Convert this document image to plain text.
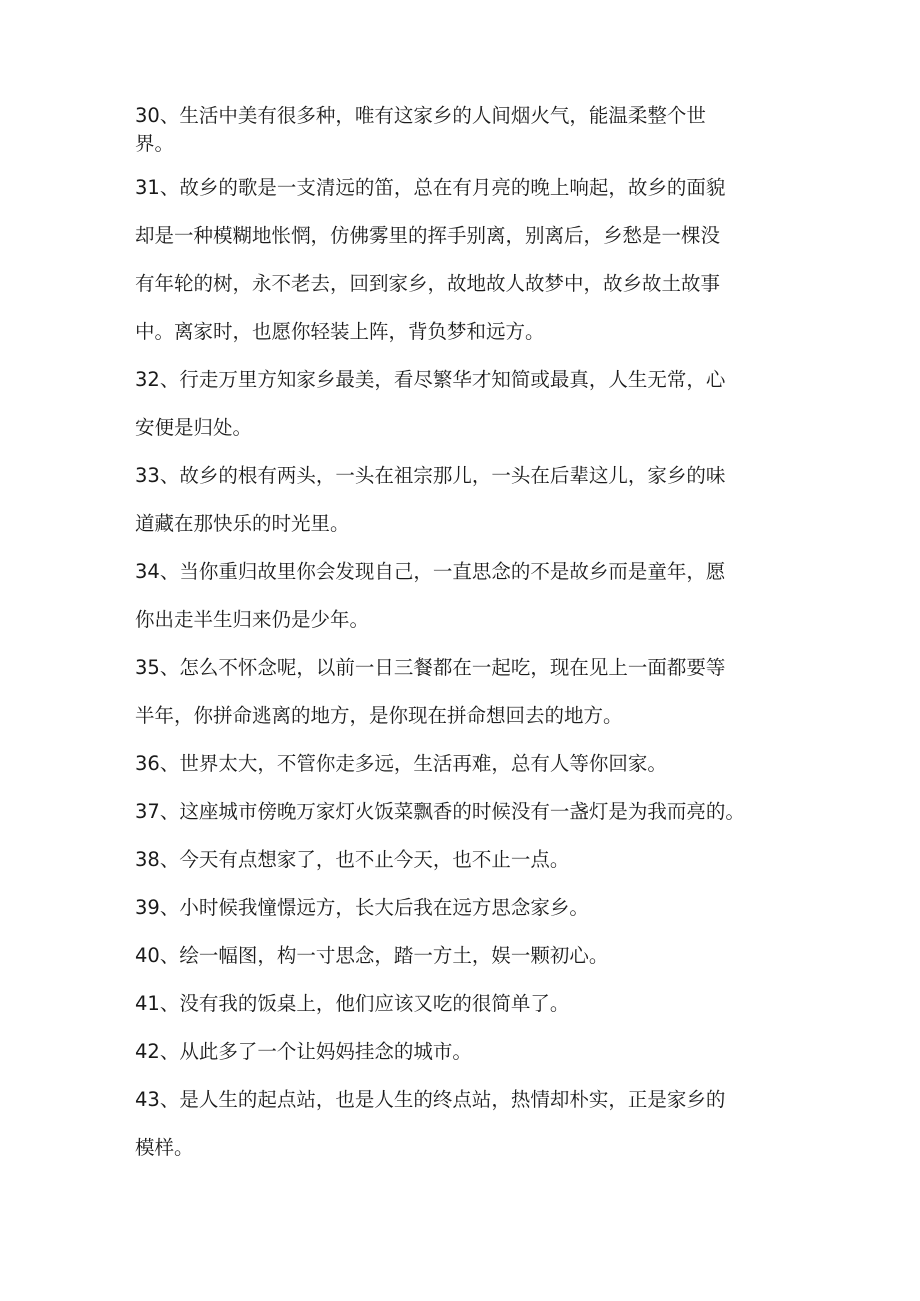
30、生活中美有很多种，唯有这家乡的人间烟火气，能温柔整个世
界。

31、故乡的歌是一支清远的笛，总在有月亮的晚上响起，故乡的面貌
却是一种模糊地怅惘，仿佛雾里的挥手别离，别离后，乡愁是一棵没
有年轮的树，永不老去，回到家乡，故地故人故梦中，故乡故土故事
中。离家时，也愿你轻装上阵，背负梦和远方。

32、行走万里方知家乡最美，看尽繁华才知简或最真，人生无常，心
安便是归处。

33、故乡的根有两头，一头在祖宗那儿，一头在后辈这儿，家乡的味
道藏在那快乐的时光里。

34、当你重归故里你会发现自己，一直思念的不是故乡而是童年，愿
你出走半生归来仍是少年。

35、怎么不怀念呢，以前一日三餐都在一起吃，现在见上一面都要等
半年，你拼命逃离的地方，是你现在拼命想回去的地方。

36、世界太大，不管你走多远，生活再难，总有人等你回家。

37、这座城市傍晚万家灯火饭菜飘香的时候没有一盏灯是为我而亮的。

38、今天有点想家了，也不止今天，也不止一点。

39、小时候我憧憬远方，长大后我在远方思念家乡。

40、绘一幅图，构一寸思念，踏一方土，娱一颗初心。

41、没有我的饭桌上，他们应该又吃的很简单了。

42、从此多了一个让妈妈挂念的城市。

43、是人生的起点站，也是人生的终点站，热情却朴实，正是家乡的
模样。
